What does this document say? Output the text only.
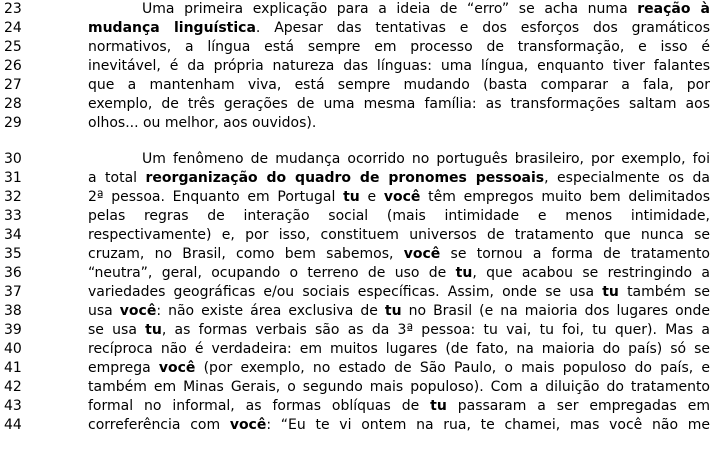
23	Uma primeira explicação para a ideia de “erro” se acha numa reação à
24	mudança linguística. Apesar das tentativas e dos esforços dos gramáticos
25	normativos, a língua está sempre em processo de transformação, e isso é
26	inevitável, é da própria natureza das línguas: uma língua, enquanto tiver falantes
27	que a mantenham viva, está sempre mudando (basta comparar a fala, por
28	exemplo, de três gerações de uma mesma família: as transformações saltam aos
29	olhos... ou melhor, aos ouvidos).
30	Um fenômeno de mudança ocorrido no português brasileiro, por exemplo, foi
31	a total reorganização do quadro de pronomes pessoais, especialmente os da
32	2ª pessoa. Enquanto em Portugal tu e você têm empregos muito bem delimitados
33	pelas regras de interação social (mais intimidade e menos intimidade,
34	respectivamente) e, por isso, constituem universos de tratamento que nunca se
35	cruzam, no Brasil, como bem sabemos, você se tornou a forma de tratamento
36	“neutra”, geral, ocupando o terreno de uso de tu, que acabou se restringindo a
37	variedades geográficas e/ou sociais específicas. Assim, onde se usa tu também se
38	usa você: não existe área exclusiva de tu no Brasil (e na maioria dos lugares onde
39	se usa tu, as formas verbais são as da 3ª pessoa: tu vai, tu foi, tu quer). Mas a
40	recíproca não é verdadeira: em muitos lugares (de fato, na maioria do país) só se
41	emprega você (por exemplo, no estado de São Paulo, o mais populoso do país, e
42	também em Minas Gerais, o segundo mais populoso). Com a diluição do tratamento
43	formal no informal, as formas oblíquas de tu passaram a ser empregadas em
44	correferência com você: “Eu te vi ontem na rua, te chamei, mas você não me
